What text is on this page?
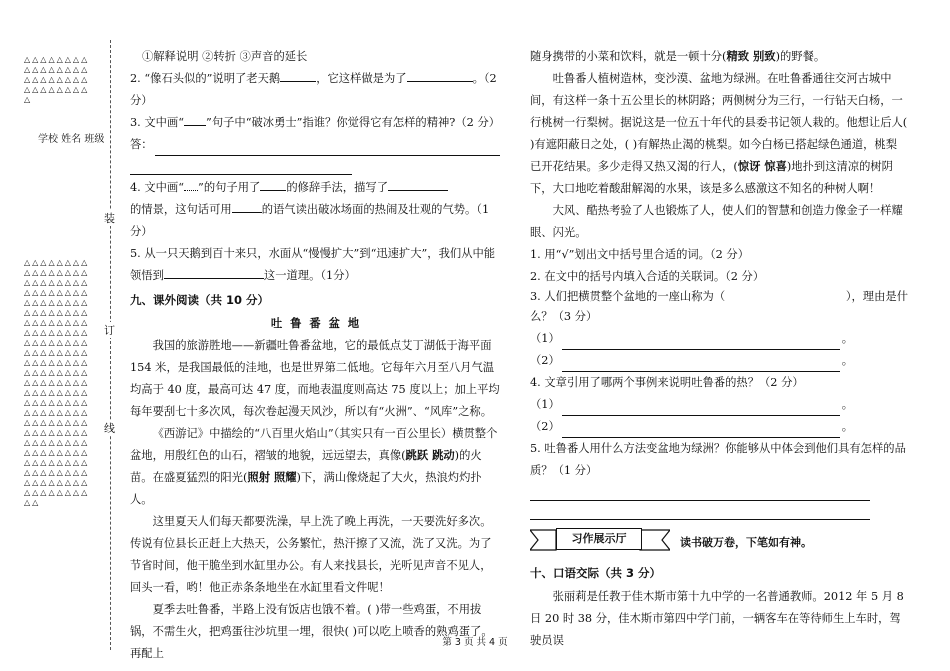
△△△△△△△△△△△△△△△△△△△△△△△△△△△△△△△△△
学校 姓名 班级
△△△△△△△△△△△△△△△△△△△△△△△△△△△△△△△△△△△△△△△△△△△△△△△△△△△△△△△△△△△△△△△△△△△△△△△△△△△△△△△△△△△△△△△△△△△△△△△△△△△△△△△△△△△△△△△△△△△△△△△△△△△△△△△△△△△△△△△△△△△△△△△△△△△△△△△△△△△△△△△△△△△△△△△△△△△△△△△△△△△△△△△△△△△△△△△△△△
装
订
线

①解释说明 ②转折 ③声音的延长

2. “像石头似的”说明了老天鹅	，它这样做是为了	。（2

分）

3. 文中画“ ”句子中“破冰勇士”指谁？你觉得它有怎样的精神?（2 分）

答：

4. 文中画“ ”的句子用了 的修辞手法，描写了

的情景，这句话可用	的语气读出破冰场面的热闹及壮观的气势。（1

分）

5. 从一只天鹅到百十来只，水面从“慢慢扩大”到“迅速扩大”，我们从中能

领悟到	这一道理。（1分）

九、课外阅读（共 10 分）

吐 鲁 番 盆 地

我国的旅游胜地——新疆吐鲁番盆地，它的最低点艾丁湖低于海平面 154 米，是我国最低的洼地，也是世界第二低地。它每年六月至八月气温均高于 40 度，最高可达 47 度，而地表温度则高达 75 度以上；加上平均每年要刮七十多次风，每次卷起漫天风沙，所以有“火洲”、“风库”之称。

《西游记》中描绘的“八百里火焰山”（其实只有一百公里长）横贯整个盆地，用殷红色的山石，褶皱的地貌，远远望去，真像(跳跃 跳动)的火苗。在盛夏猛烈的阳光(照射 照耀)下，满山像烧起了大火，热浪灼灼扑人。

这里夏天人们每天都要洗澡，早上洗了晚上再洗，一天要洗好多次。传说有位县长正赶上大热天，公务繁忙，热汗擦了又流，洗了又洗。为了节省时间，他干脆坐到水缸里办公。有人来找县长，光听见声音不见人，回头一看，哟！他正赤条条地坐在水缸里看文件呢！

夏季去吐鲁番，半路上没有饭店也饿不着。( )带一些鸡蛋，不用拔锅，不需生火，把鸡蛋往沙坑里一埋，很快( )可以吃上喷香的熟鸡蛋了。再配上

随身携带的小菜和饮料，就是一顿十分(精致 别致)的野餐。

吐鲁番人植树造林，变沙漠、盆地为绿洲。在吐鲁番通往交河古城中间，有这样一条十五公里长的林阴路；两侧树分为三行，一行钻天白杨，一行桃树一行梨树。据说这是一位五十年代的县委书记领人栽的。他想让后人( )有遮阳蔽日之处，( )有解热止渴的桃梨。如今白杨已搭起绿色通道，桃梨已开花结果。多少走得又热又渴的行人，(惊讶 惊喜)地扑到这清凉的树阴下，大口地吃着酸甜解渴的水果，该是多么感激这不知名的种树人啊！

大风、酷热考验了人也锻炼了人，使人们的智慧和创造力像金子一样耀眼、闪光。

1. 用“√”划出文中括号里合适的词。（2 分）

2. 在文中的括号内填入合适的关联词。（2 分）

3. 人们把横贯整个盆地的一座山称为（	），理由是什

么？（3 分）

（1）	。
（2）	。

4. 文章引用了哪两个事例来说明吐鲁番的热？（2 分）

（1）	。
（2）	。

5. 吐鲁番人用什么方法变盆地为绿洲？你能够从中体会到他们具有怎样的品

质？（1 分）

习作展示厅	读书破万卷，下笔如有神。

十、口语交际（共 3 分）

张丽莉是任教于佳木斯市第十九中学的一名普通教师。2012 年 5 月 8 日 20 时 38 分，佳木斯市第四中学门前，一辆客车在等待师生上车时，驾驶员误

第 3 页 共 4 页
